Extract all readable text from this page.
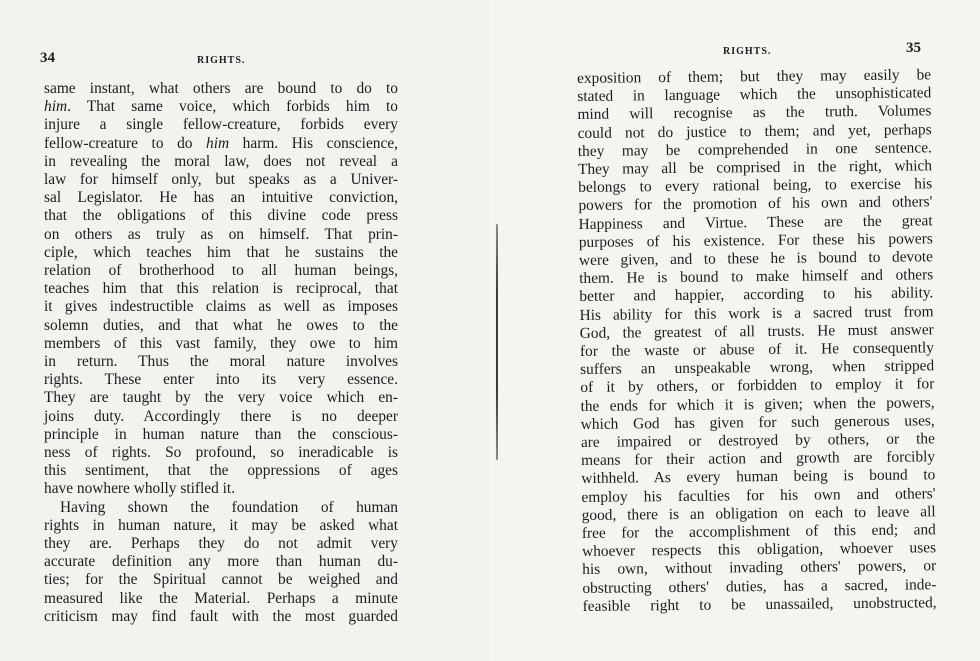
34	RIGHTS.
RIGHTS.	35
same instant, what others are bound to do to
him. That same voice, which forbids him to
injure a single fellow-creature, forbids every
fellow-creature to do him harm. His conscience,
in revealing the moral law, does not reveal a
law for himself only, but speaks as a Univer-
sal Legislator. He has an intuitive conviction,
that the obligations of this divine code press
on others as truly as on himself. That prin-
ciple, which teaches him that he sustains the
relation of brotherhood to all human beings,
teaches him that this relation is reciprocal, that
it gives indestructible claims as well as imposes
solemn duties, and that what he owes to the
members of this vast family, they owe to him
in return. Thus the moral nature involves
rights. These enter into its very essence.
They are taught by the very voice which en-
joins duty. Accordingly there is no deeper
principle in human nature than the conscious-
ness of rights. So profound, so ineradicable is
this sentiment, that the oppressions of ages
have nowhere wholly stifled it.
Having shown the foundation of human
rights in human nature, it may be asked what
they are. Perhaps they do not admit very
accurate definition any more than human du-
ties; for the Spiritual cannot be weighed and
measured like the Material. Perhaps a minute
criticism may find fault with the most guarded
exposition of them; but they may easily be
stated in language which the unsophisticated
mind will recognise as the truth. Volumes
could not do justice to them; and yet, perhaps
they may be comprehended in one sentence.
They may all be comprised in the right, which
belongs to every rational being, to exercise his
powers for the promotion of his own and others'
Happiness and Virtue. These are the great
purposes of his existence. For these his powers
were given, and to these he is bound to devote
them. He is bound to make himself and others
better and happier, according to his ability.
His ability for this work is a sacred trust from
God, the greatest of all trusts. He must answer
for the waste or abuse of it. He consequently
suffers an unspeakable wrong, when stripped
of it by others, or forbidden to employ it for
the ends for which it is given; when the powers,
which God has given for such generous uses,
are impaired or destroyed by others, or the
means for their action and growth are forcibly
withheld. As every human being is bound to
employ his faculties for his own and others'
good, there is an obligation on each to leave all
free for the accomplishment of this end; and
whoever respects this obligation, whoever uses
his own, without invading others' powers, or
obstructing others' duties, has a sacred, inde-
feasible right to be unassailed, unobstructed,
